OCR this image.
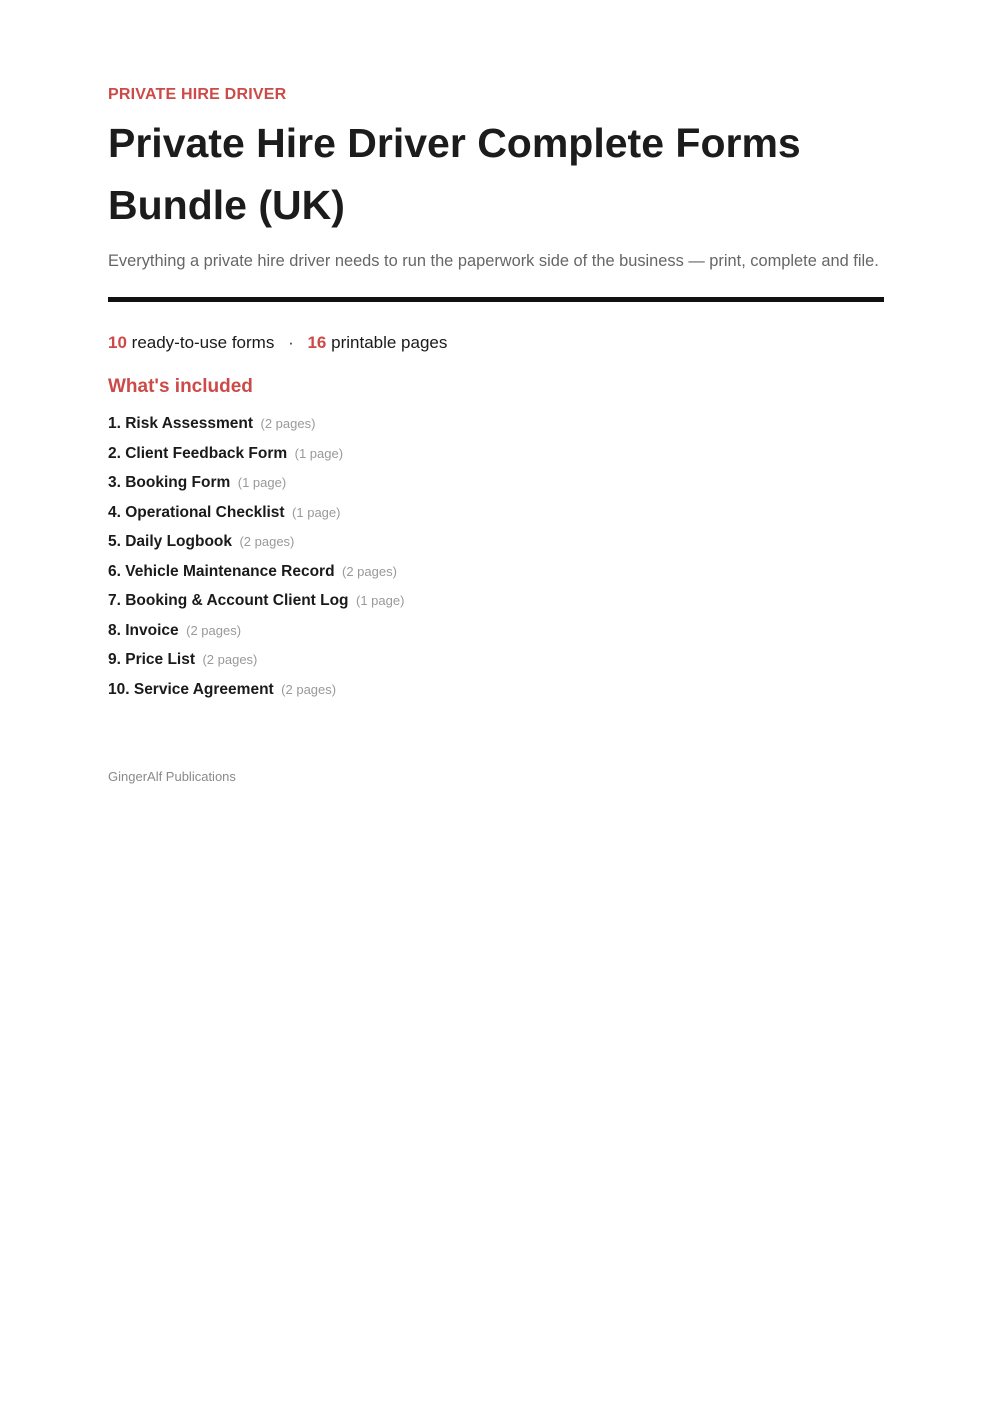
PRIVATE HIRE DRIVER
Private Hire Driver Complete Forms Bundle (UK)

Everything a private hire driver needs to run the paperwork side of the business — print, complete and file.

10 ready-to-use forms · 16 printable pages
What's included
1. Risk Assessment (2 pages)
2. Client Feedback Form (1 page)
3. Booking Form (1 page)
4. Operational Checklist (1 page)
5. Daily Logbook (2 pages)
6. Vehicle Maintenance Record (2 pages)
7. Booking & Account Client Log (1 page)
8. Invoice (2 pages)
9. Price List (2 pages)
10. Service Agreement (2 pages)
GingerAlf Publications
